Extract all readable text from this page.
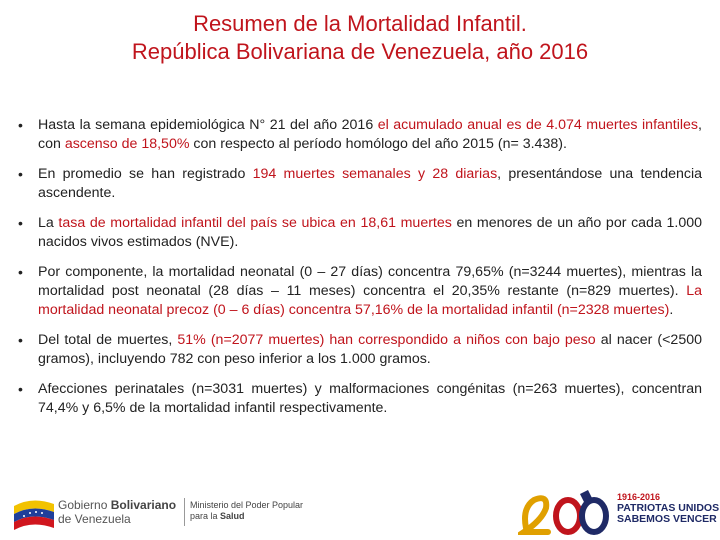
Resumen de la Mortalidad Infantil.
República Bolivariana de Venezuela, año 2016
• Hasta la semana epidemiológica N° 21 del año 2016 el acumulado anual es de 4.074 muertes infantiles, con ascenso de 18,50% con respecto al período homólogo del año 2015 (n= 3.438).
• En promedio se han registrado 194 muertes semanales y 28 diarias, presentándose una tendencia ascendente.
• La tasa de mortalidad infantil del país se ubica en 18,61 muertes en menores de un año por cada 1.000 nacidos vivos estimados (NVE).
• Por componente, la mortalidad neonatal (0 – 27 días) concentra 79,65% (n=3244 muertes), mientras la mortalidad post neonatal (28 días – 11 meses) concentra el 20,35% restante (n=829 muertes). La mortalidad neonatal precoz (0 – 6 días) concentra 57,16% de la mortalidad infantil (n=2328 muertes).
• Del total de muertes, 51% (n=2077 muertes) han correspondido a niños con bajo peso al nacer (<2500 gramos), incluyendo 782 con peso inferior a los 1.000 gramos.
• Afecciones perinatales (n=3031 muertes) y malformaciones congénitas (n=263 muertes), concentran 74,4% y 6,5% de la mortalidad infantil respectivamente.
Gobierno Bolivariano
de Venezuela
Ministerio del Poder Popular
para la Salud
1916-2016
PATRIOTAS UNIDOS
SABEMOS VENCER
